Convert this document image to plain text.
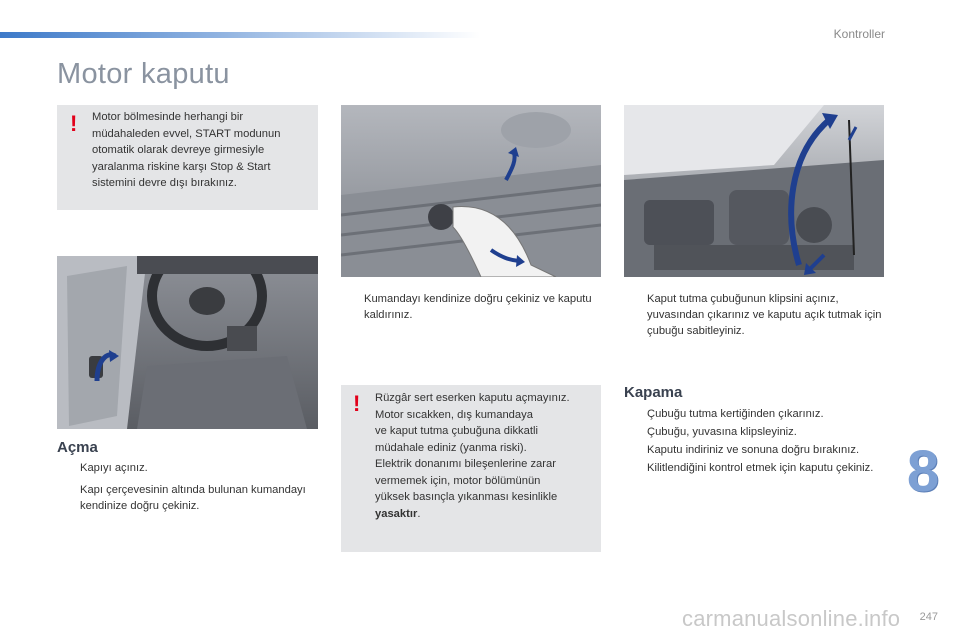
Kontroller
Motor kaputu
! Motor bölmesinde herhangi bir
müdahaleden evvel, START modunun
otomatik olarak devreye girmesiyle
yaralanma riskine karşı Stop & Start
sistemini devre dışı bırakınız.
Açma
Kapıyı açınız.
Kapı çerçevesinin altında bulunan kumandayı kendinize doğru çekiniz.
Kumandayı kendinize doğru çekiniz ve kaputu kaldırınız.
! Rüzgâr sert eserken kaputu açmayınız.
Motor sıcakken, dış kumandaya
ve kaput tutma çubuğuna dikkatli
müdahale ediniz (yanma riski).
Elektrik donanımı bileşenlerine zarar
vermemek için, motor bölümünün
yüksek basınçla yıkanması kesinlikle
yasaktır.
Kaput tutma çubuğunun klipsini açınız, yuvasından çıkarınız ve kaputu açık tutmak için çubuğu sabitleyiniz.
Kapama
Çubuğu tutma kertiğinden çıkarınız.
Çubuğu, yuvasına klipsleyiniz.
Kaputu indiriniz ve sonuna doğru bırakınız.
Kilitlendiğini kontrol etmek için kaputu çekiniz. 8
carmanualsonline.info 247
